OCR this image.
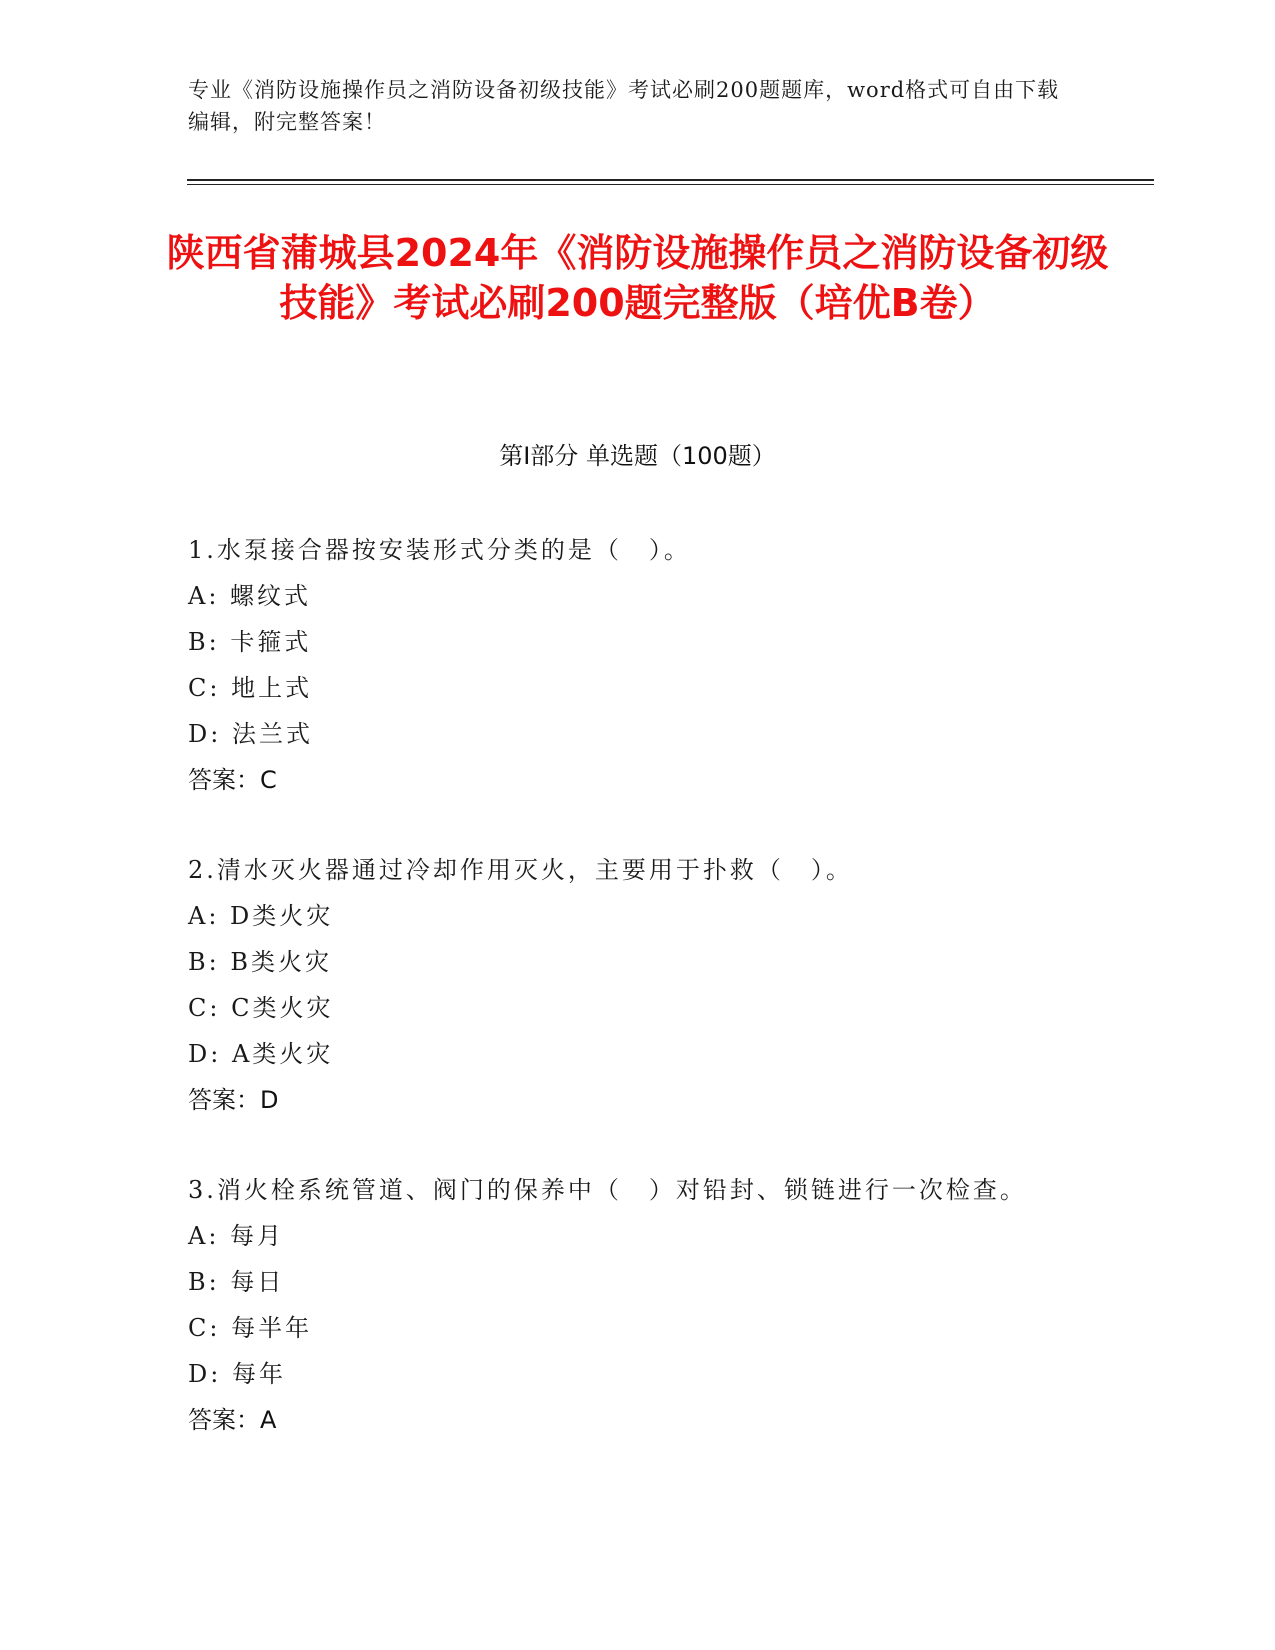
专业《消防设施操作员之消防设备初级技能》考试必刷200题题库，word格式可自由下载编辑，附完整答案！
陕西省蒲城县2024年《消防设施操作员之消防设备初级技能》考试必刷200题完整版（培优B卷）
第Ⅰ部分 单选题（100题）
1.水泵接合器按安装形式分类的是（　）。
A: 螺纹式
B: 卡箍式
C: 地上式
D: 法兰式
答案：C
2.清水灭火器通过冷却作用灭火，主要用于扑救（　）。
A: D类火灾
B: B类火灾
C: C类火灾
D: A类火灾
答案：D
3.消火栓系统管道、阀门的保养中（　）对铅封、锁链进行一次检查。
A: 每月
B: 每日
C: 每半年
D: 每年
答案：A
